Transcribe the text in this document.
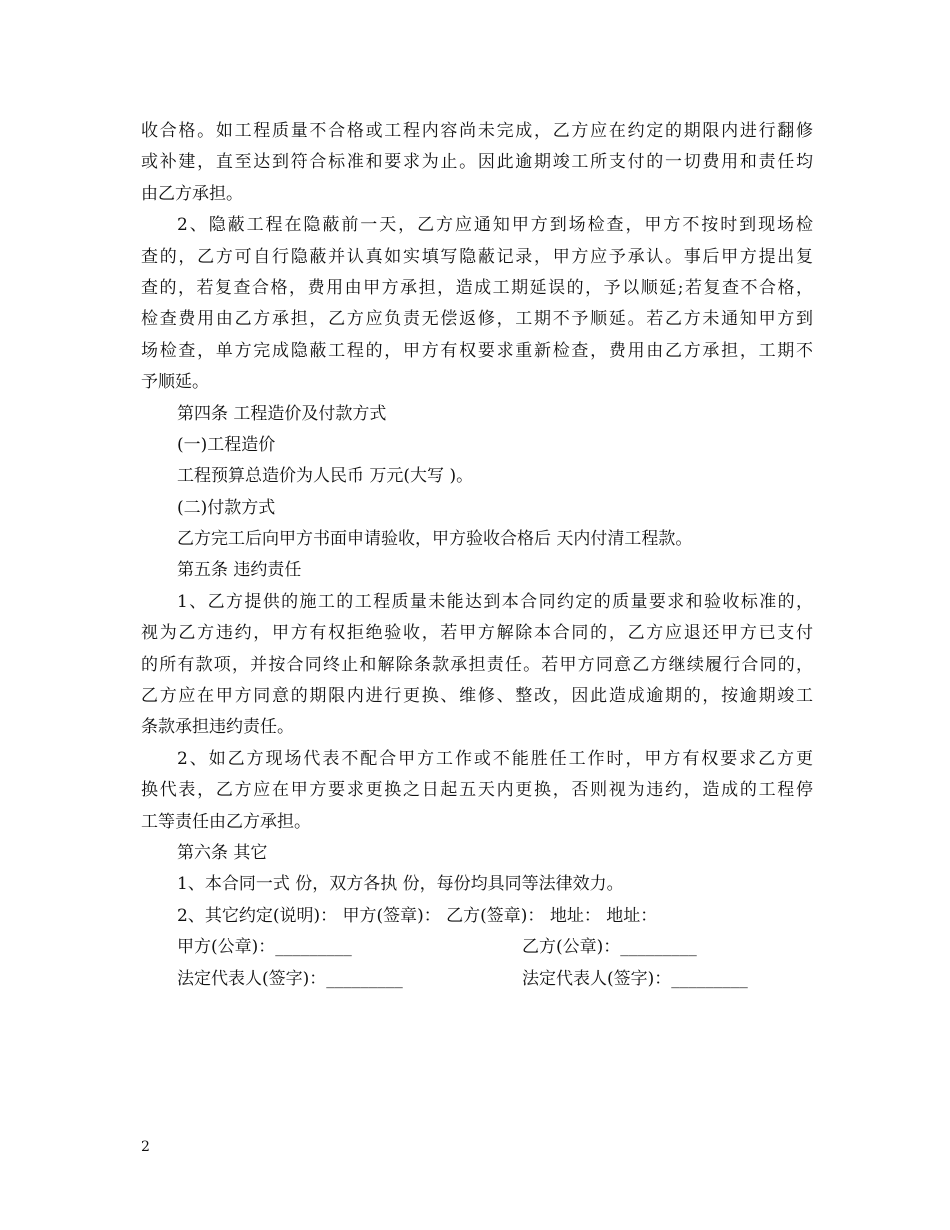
收合格。如工程质量不合格或工程内容尚未完成，乙方应在约定的期限内进行翻修
或补建，直至达到符合标准和要求为止。因此逾期竣工所支付的一切费用和责任均
由乙方承担。
2、隐蔽工程在隐蔽前一天，乙方应通知甲方到场检查，甲方不按时到现场检
查的，乙方可自行隐蔽并认真如实填写隐蔽记录，甲方应予承认。事后甲方提出复
查的，若复查合格，费用由甲方承担，造成工期延误的，予以顺延;若复查不合格，
检查费用由乙方承担，乙方应负责无偿返修，工期不予顺延。若乙方未通知甲方到
场检查，单方完成隐蔽工程的，甲方有权要求重新检查，费用由乙方承担，工期不
予顺延。
第四条 工程造价及付款方式
(一)工程造价
工程预算总造价为人民币 万元(大写 )。
(二)付款方式
乙方完工后向甲方书面申请验收，甲方验收合格后 天内付清工程款。
第五条 违约责任
1、乙方提供的施工的工程质量未能达到本合同约定的质量要求和验收标准的，
视为乙方违约，甲方有权拒绝验收，若甲方解除本合同的，乙方应退还甲方已支付
的所有款项，并按合同终止和解除条款承担责任。若甲方同意乙方继续履行合同的，
乙方应在甲方同意的期限内进行更换、维修、整改，因此造成逾期的，按逾期竣工
条款承担违约责任。
2、如乙方现场代表不配合甲方工作或不能胜任工作时，甲方有权要求乙方更
换代表，乙方应在甲方要求更换之日起五天内更换，否则视为违约，造成的工程停
工等责任由乙方承担。
第六条 其它
1、本合同一式 份，双方各执 份，每份均具同等法律效力。
2、其它约定(说明)： 甲方(签章)： 乙方(签章)： 地址： 地址：
甲方(公章)：_________	乙方(公章)：_________
法定代表人(签字)：_________	法定代表人(签字)：_________
2
